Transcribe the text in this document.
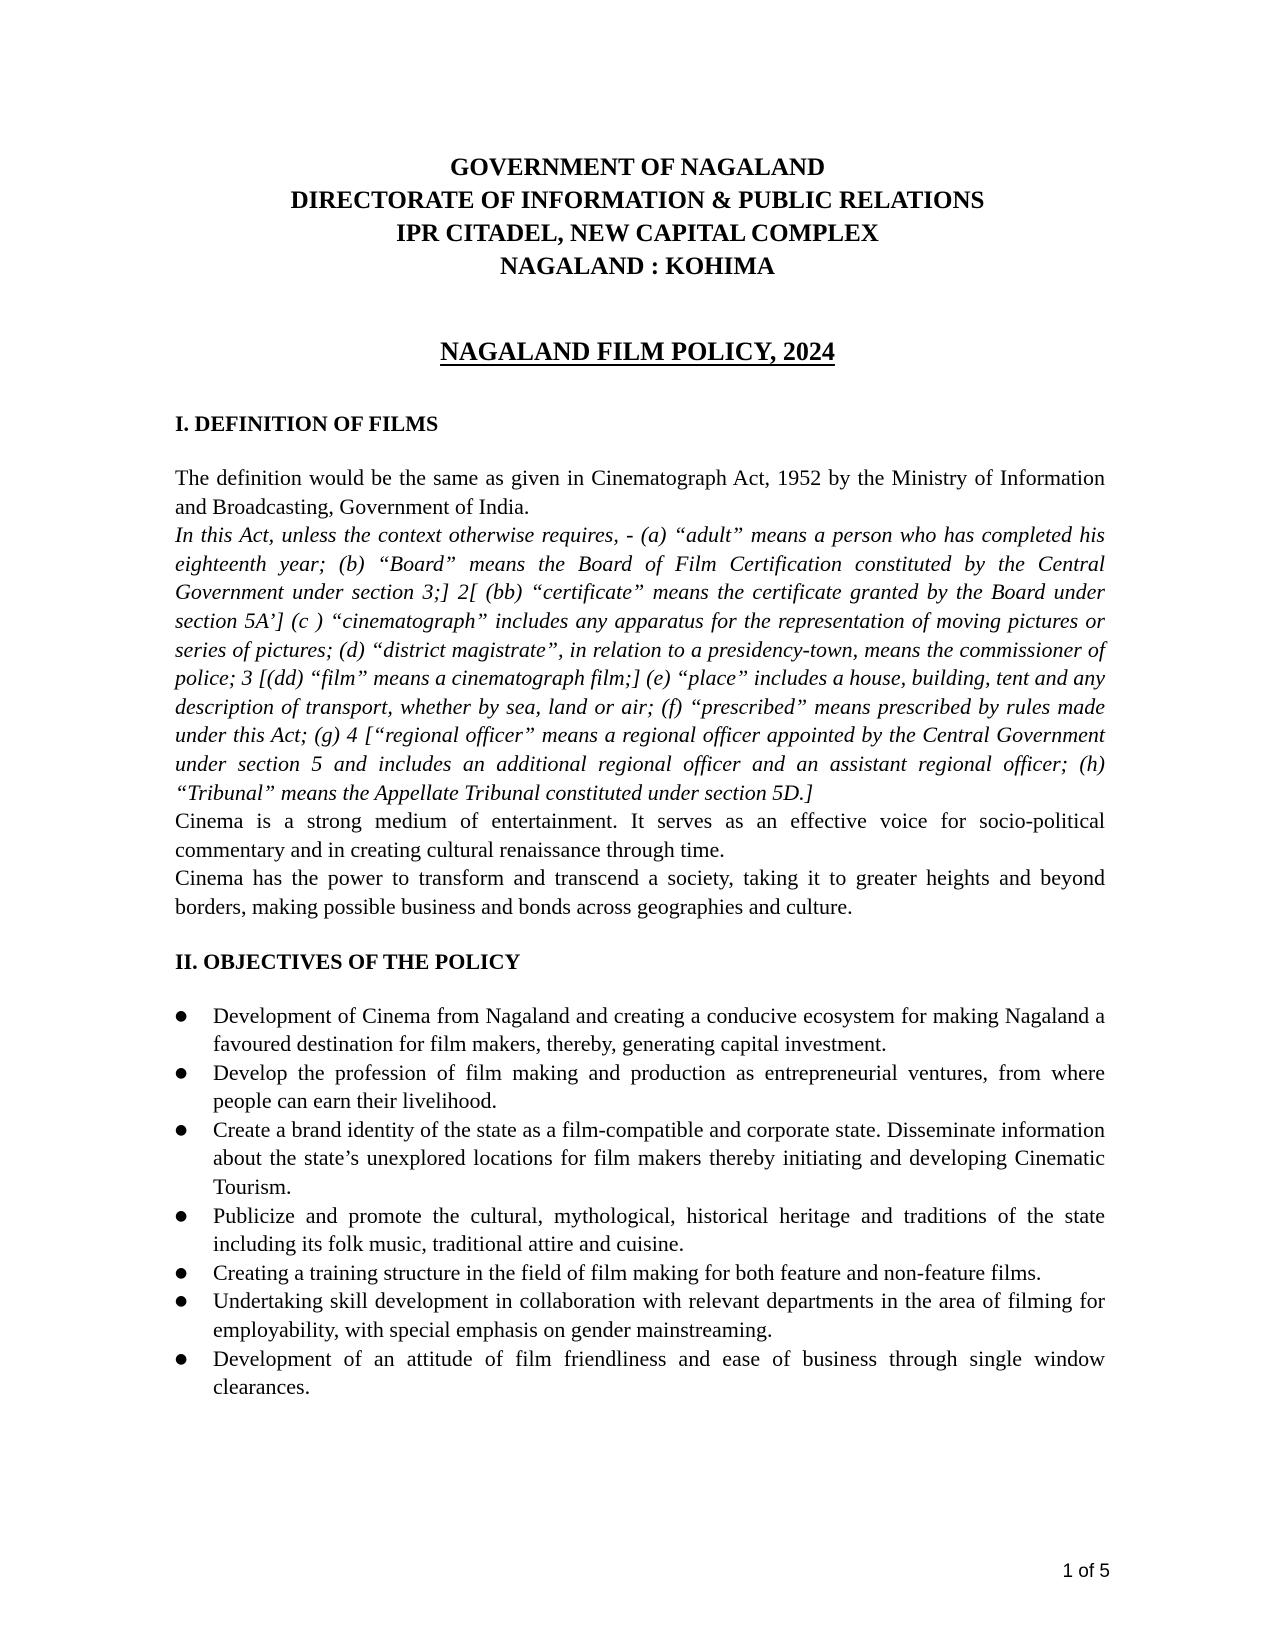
GOVERNMENT OF NAGALAND
DIRECTORATE OF INFORMATION & PUBLIC RELATIONS
IPR CITADEL, NEW CAPITAL COMPLEX
NAGALAND : KOHIMA
NAGALAND FILM POLICY, 2024
I. DEFINITION OF FILMS

The definition would be the same as given in Cinematograph Act, 1952 by the Ministry of Information and Broadcasting, Government of India.

In this Act, unless the context otherwise requires, - (a) “adult” means a person who has completed his eighteenth year; (b) “Board” means the Board of Film Certification constituted by the Central Government under section 3;] 2[ (bb) “certificate” means the certificate granted by the Board under section 5A’] (c ) “cinematograph” includes any apparatus for the representation of moving pictures or series of pictures; (d) “district magistrate”, in relation to a presidency-town, means the commissioner of police; 3 [(dd) “film” means a cinematograph film;] (e) “place” includes a house, building, tent and any description of transport, whether by sea, land or air; (f) “prescribed” means prescribed by rules made under this Act; (g) 4 [“regional officer” means a regional officer appointed by the Central Government under section 5 and includes an additional regional officer and an assistant regional officer; (h) “Tribunal” means the Appellate Tribunal constituted under section 5D.]

Cinema is a strong medium of entertainment. It serves as an effective voice for socio-political commentary and in creating cultural renaissance through time.

Cinema has the power to transform and transcend a society, taking it to greater heights and beyond borders, making possible business and bonds across geographies and culture.

II. OBJECTIVES OF THE POLICY
●	Development of Cinema from Nagaland and creating a conducive ecosystem for making Nagaland a favoured destination for film makers, thereby, generating capital investment.
●	Develop the profession of film making and production as entrepreneurial ventures, from where people can earn their livelihood.
●	Create a brand identity of the state as a film-compatible and corporate state. Disseminate information about the state’s unexplored locations for film makers thereby initiating and developing Cinematic Tourism.
●	Publicize and promote the cultural, mythological, historical heritage and traditions of the state including its folk music, traditional attire and cuisine.
●	Creating a training structure in the field of film making for both feature and non-feature films.
●	Undertaking skill development in collaboration with relevant departments in the area of filming for employability, with special emphasis on gender mainstreaming.
●	Development of an attitude of film friendliness and ease of business through single window clearances.
1 of 5
